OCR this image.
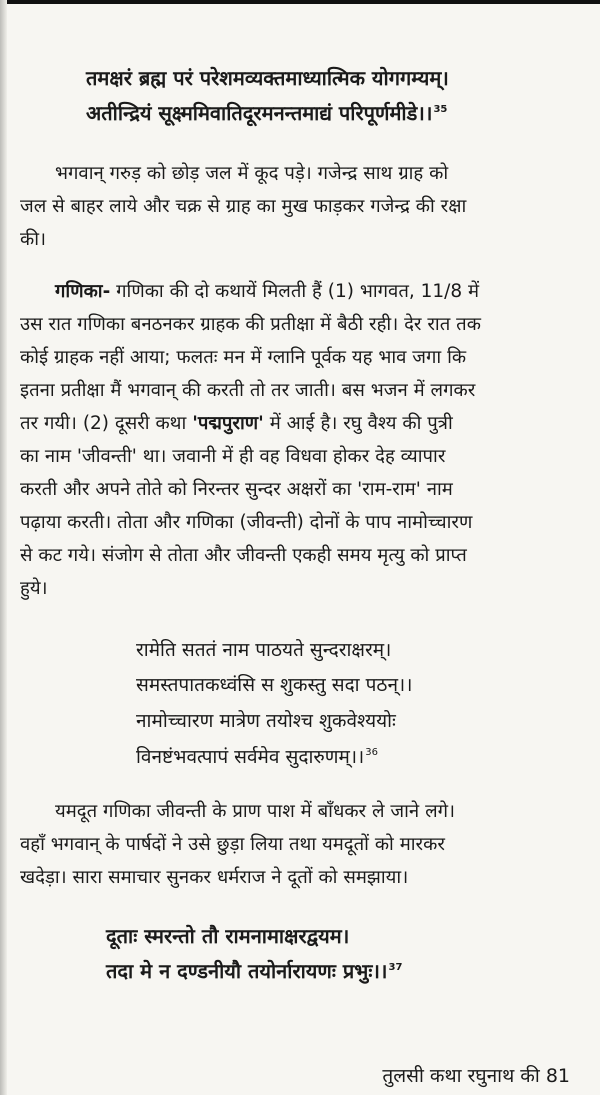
तमक्षरं ब्रह्म परं परेशमव्यक्तमाध्यात्मिक योगगम्यम्।
अतीन्द्रियं सूक्ष्ममिवातिदूरमनन्तमाद्यं परिपूर्णमीडे।।$^{35}$
भगवान् गरुड़ को छोड़ जल में कूद पड़े। गजेन्द्र साथ ग्राह को
जल से बाहर लाये और चक्र से ग्राह का मुख फाड़कर गजेन्द्र की रक्षा
की।
गणिका- गणिका की दो कथायें मिलती हैं (1) भागवत, 11/8 में
उस रात गणिका बनठनकर ग्राहक की प्रतीक्षा में बैठी रही। देर रात तक
कोई ग्राहक नहीं आया; फलतः मन में ग्लानि पूर्वक यह भाव जगा कि
इतना प्रतीक्षा मैं भगवान् की करती तो तर जाती। बस भजन में लगकर
तर गयी। (2) दूसरी कथा 'पद्मपुराण' में आई है। रघु वैश्य की पुत्री
का नाम 'जीवन्ती' था। जवानी में ही वह विधवा होकर देह व्यापार
करती और अपने तोते को निरन्तर सुन्दर अक्षरों का 'राम-राम' नाम
पढ़ाया करती। तोता और गणिका (जीवन्ती) दोनों के पाप नामोच्चारण
से कट गये। संजोग से तोता और जीवन्ती एकही समय मृत्यु को प्राप्त
हुये।
रामेति सततं नाम पाठयते सुन्दराक्षरम्।
समस्तपातकध्वंसि स शुकस्तु सदा पठन्।।
नामोच्चारण मात्रेण तयोश्च शुकवेश्ययोः
विनष्टंभवत्पापं सर्वमेव सुदारुणम्।।$^{36}$
यमदूत गणिका जीवन्ती के प्राण पाश में बाँधकर ले जाने लगे।
वहाँ भगवान् के पार्षदों ने उसे छुड़ा लिया तथा यमदूतों को मारकर
खदेड़ा। सारा समाचार सुनकर धर्मराज ने दूतों को समझाया।
दूताः स्मरन्तो तौ रामनामाक्षरद्वयम।
तदा मे न दण्डनीयौ तयोर्नारायणः प्रभुः।।$^{37}$
तुलसी कथा रघुनाथ की 81
